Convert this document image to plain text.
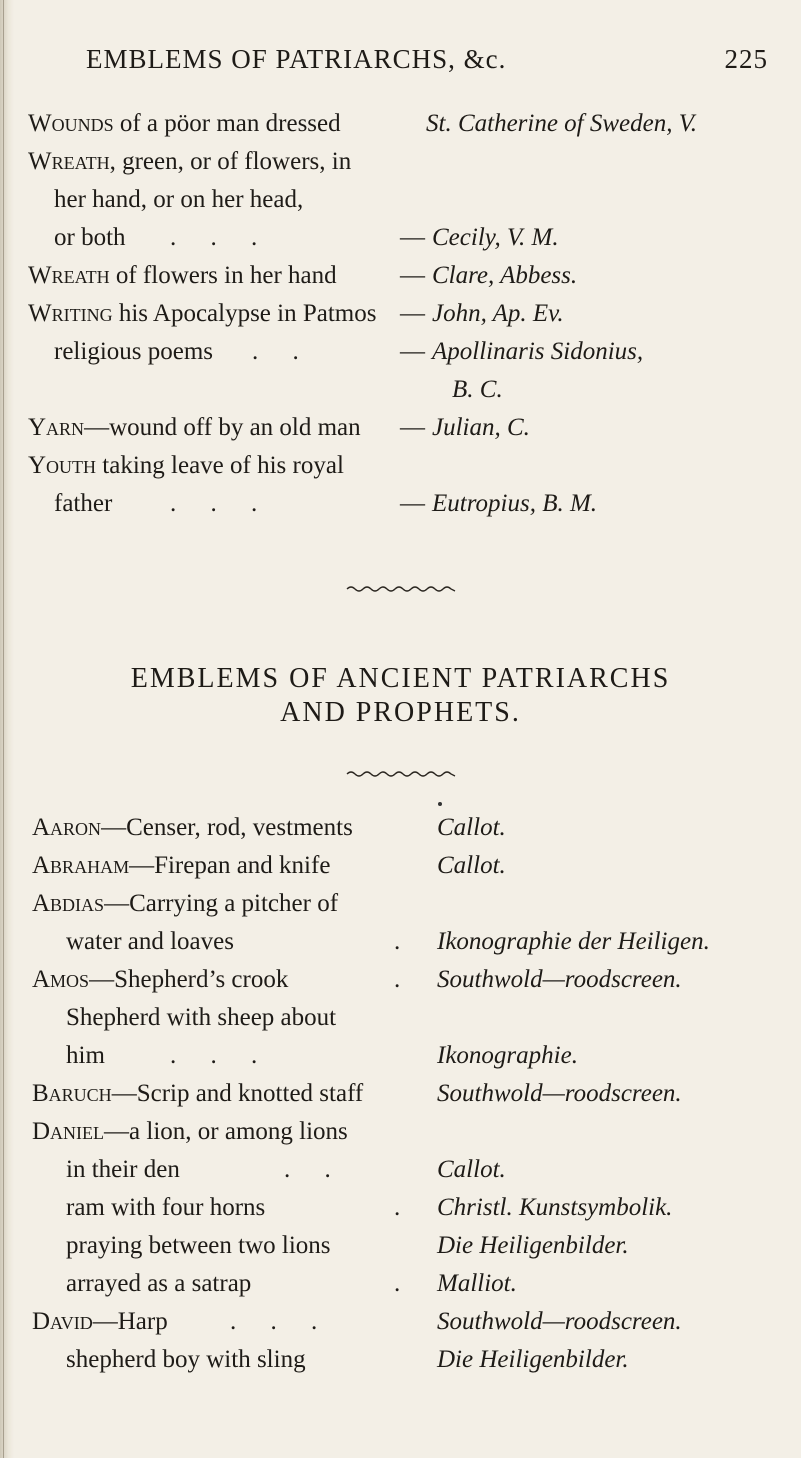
EMBLEMS OF PATRIARCHS, &c.	225
Wounds of a pöor man dressed	St. Catherine of Sweden, V.
Wreath, green, or of flowers, in
her hand, or on her head,
or both . . .	— Cecily, V. M.
Wreath of flowers in her hand	— Clare, Abbess.
Writing his Apocalypse in Patmos — John, Ap. Ev.
religious poems . .	— Apollinaris Sidonius,
B. C.
Yarn—wound off by an old man — Julian, C.
Youth taking leave of his royal
father . . .	— Eutropius, B. M.
EMBLEMS OF ANCIENT PATRIARCHS
AND PROPHETS.
Aaron—Censer, rod, vestments	Callot.
Abraham—Firepan and knife	Callot.
Abdias—Carrying a pitcher of
water and loaves	. Ikonographie der Heiligen.
Amos—Shepherd’s crook	. Southwold—roodscreen.
Shepherd with sheep about
him	. . .	Ikonographie.
Baruch—Scrip and knotted staff	Southwold—roodscreen.
Daniel—a lion, or among lions
in their den	. .	Callot.
ram with four horns	. Christl. Kunstsymbolik.
praying between two lions	Die Heiligenbilder.
arrayed as a satrap	. Malliot.
David—Harp . . .	Southwold—roodscreen.
shepherd boy with sling	Die Heiligenbilder.
